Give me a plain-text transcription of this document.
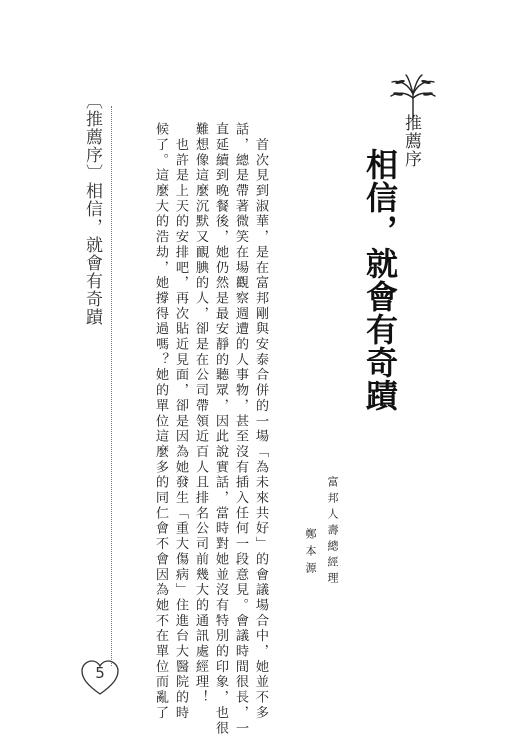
推薦序
相信，就會有奇蹟
富邦人壽總經理
鄭本源
　首次見到淑華，是在富邦剛與安泰合併的一場「為未來共好」的會議場合中，她並不多
話，總是帶著微笑在場觀察週遭的人事物，甚至沒有插入任何一段意見。會議時間很長，一
直延續到晚餐後，她仍然是最安靜的聽眾，因此說實話，當時對她並沒有特別的印象，也很
難想像這麼沉默又靦腆的人，卻是在公司帶領近百人且排名公司前幾大的通訊處經理！
　也許是上天的安排吧，再次貼近見面，卻是因為她發生「重大傷病」住進台大醫院的時
候了。這麼大的浩劫，她撐得過嗎？她的單位這麼多的同仁會不會因為她不在單位而亂了
︹推薦序︺相信，就會有奇蹟
5
